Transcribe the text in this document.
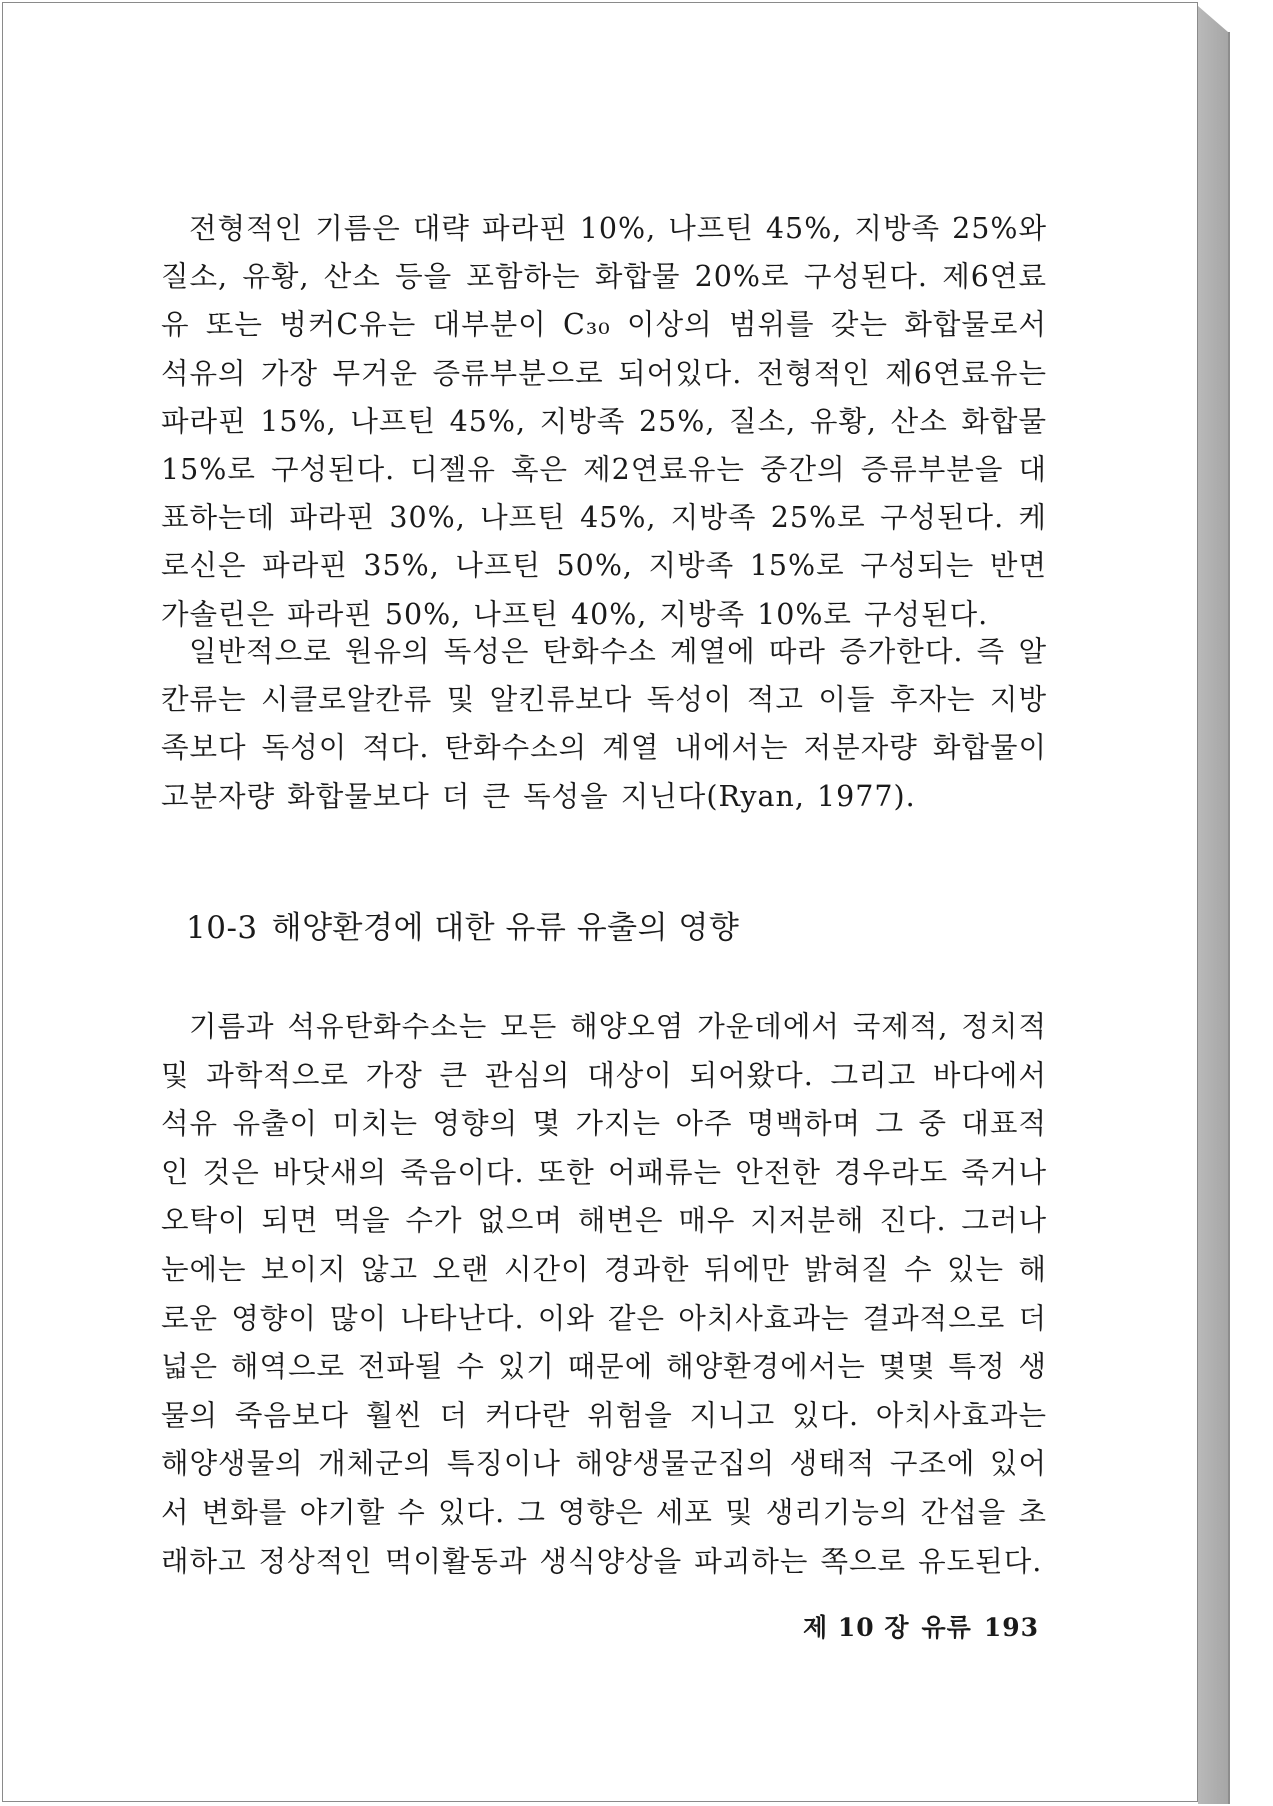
전형적인 기름은 대략 파라핀 10%, 나프틴 45%, 지방족 25%와 질소, 유황, 산소 등을 포함하는 화합물 20%로 구성된다. 제6연료유 또는 벙커C유는 대부분이 C₃₀ 이상의 범위를 갖는 화합물로서 석유의 가장 무거운 증류부분으로 되어있다. 전형적인 제6연료유는 파라핀 15%, 나프틴 45%, 지방족 25%, 질소, 유황, 산소 화합물 15%로 구성된다. 디젤유 혹은 제2연료유는 중간의 증류부분을 대표하는데 파라핀 30%, 나프틴 45%, 지방족 25%로 구성된다. 케로신은 파라핀 35%, 나프틴 50%, 지방족 15%로 구성되는 반면 가솔린은 파라핀 50%, 나프틴 40%, 지방족 10%로 구성된다.

일반적으로 원유의 독성은 탄화수소 계열에 따라 증가한다. 즉 알칸류는 시클로알칸류 및 알킨류보다 독성이 적고 이들 후자는 지방족보다 독성이 적다. 탄화수소의 계열 내에서는 저분자량 화합물이 고분자량 화합물보다 더 큰 독성을 지닌다(Ryan, 1977).

10-3 해양환경에 대한 유류 유출의 영향

기름과 석유탄화수소는 모든 해양오염 가운데에서 국제적, 정치적 및 과학적으로 가장 큰 관심의 대상이 되어왔다. 그리고 바다에서 석유 유출이 미치는 영향의 몇 가지는 아주 명백하며 그 중 대표적인 것은 바닷새의 죽음이다. 또한 어패류는 안전한 경우라도 죽거나 오탁이 되면 먹을 수가 없으며 해변은 매우 지저분해 진다. 그러나 눈에는 보이지 않고 오랜 시간이 경과한 뒤에만 밝혀질 수 있는 해로운 영향이 많이 나타난다. 이와 같은 아치사효과는 결과적으로 더 넓은 해역으로 전파될 수 있기 때문에 해양환경에서는 몇몇 특정 생물의 죽음보다 훨씬 더 커다란 위험을 지니고 있다. 아치사효과는 해양생물의 개체군의 특징이나 해양생물군집의 생태적 구조에 있어서 변화를 야기할 수 있다. 그 영향은 세포 및 생리기능의 간섭을 초래하고 정상적인 먹이활동과 생식양상을 파괴하는 쪽으로 유도된다.

제 10 장 유류 193
